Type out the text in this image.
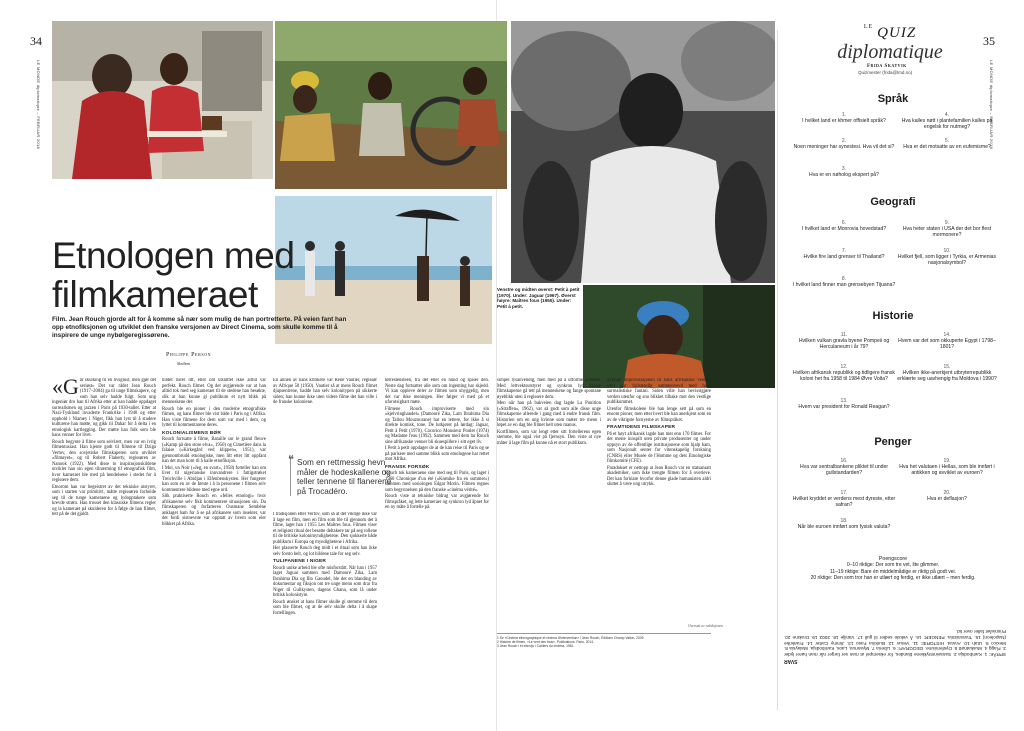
34	35
LE MONDE diplomatique – FEBRUAR 2018	LE MONDE diplomatique – FEBRUAR 2018
Etnologen med
filmkameraet
Film. Jean Rouch gjorde alt for å komme så nær som mulig de han portretterte. På veien fant han opp etnofiksjonen og utviklet den franske versjonen av Direct Cinema, som skulle komme til å inspirere de unge nybølgeregissørene.
Philippe Person
Skribent

«Går skulking til en livsgnist, men gjør det seriøst» Det var rådet Jean Rouch (1917–2004) ga til unge filmskapere, og som han selv hadde fulgt. Som ung ingeniør dro han til Afrika etter at han hadde oppdaget surrealismen og jazzen i Paris på 1930-tallet. Etter at Nazi-Tyskland invaderte Frankrike i 1940 og etter opphold i Niamey i Niger, fikk han lyst til å studere kulturene han møtte, og gikk til Dakar for å delta i en etnologisk kartlegging. Der møtte han folk som ble hans venner for livet.

Rouch begynte å filme som selvlært, men var en ivrig filmentusiast. Han kjente godt til filmene til Dziga Vertov, den sovjetiske filmskaperen som utviklet «filmøyet», og til Robert Flaherty, regissøren av Nanook (1922). Med disse to inspirasjonskildene utviklet han sin egen tilnærming til etnografisk film, hvor kameraet ble med på hendelsene i stedet for å regissere dem.

Etnorom han var begeistret av det tekniske utstyret, som i starten var primitivt, måtte regissøren forholde seg til de tunge kameraene og lydopptakere som krevde strøm. Han trosset den klassiske filmens regler og la kameraet på skulderen for å følge de han filmet, tett på de det gjaldt.

bildet rister litt, eller om utsnittet ikke alltid var perfekt. Rouch filmet. Og det avgjørende var at han alltid tok med seg kameraet til de stedene han besøkte, slik at han kunne gi publikum et nytt blikk på menneskene der.

Rouch ble en pioner i den moderne etnografiske filmen, og hans filmer ble vist både i Paris og i Afrika. Han viste filmene for dem som var med i dem, og lyttet til kommentarene deres.

KOLONIALISMENS BØR

Rouch fortsatte å filme, Bataille sur le grand fleuve («Kamp på den store elva», 1950) og Cimetière dans la falaise («Kirkegård ved klippen», 1951), var gjennombrudd etnologiske, men litt etter litt oppfant han det man kom til å kalle etnofiksjon.

I Moi, un Noir («Jeg, en svart», 1958) forteller han om livet til nigerianske innvandrere i fattigstrøket Treichville i Abidjan i Elfenbenskysten. Her fungerer han som en av de første i å la personene i filmen selv kommentere bildene med egne ord.

Slik praktiserte Rouch en «felles etnologi» hvor afrikanerne selv fikk kommentere situasjonen sin. Da filmskaperen og forfatteren Ousmane Sembène anklaget ham for å se på afrikanere som insekter, var det fordi sistnevnte var opptatt av hvem som eier blikket på Afrika.

❝ Som en rettmessig hevn måler de hodeskallene og teller tennene til flanerene på Trocadéro.

En annen av hans kritikere var René Vautier, regissør av Afrique 50 (1950). Vautier så at mens Rouch filmet djupsentrene, hadde han selv kolonitypen på sikkerte siden; han kunne ikke uten videre filme det han ville i de franske koloniene.

I tradisjonen etter Vertov, som så at det viktige ikke var å lage en film, men en film som ble til gjennom det å filme, laget han i 1955 Les Maîtres fous. Filmen viser et religiøst ritual der besatte deltakere tar på seg rollene til de britiske kolonimyndighetene. Den sjokkerte både publikum i Europa og myndighetene i Afrika.

Her plasserte Rouch deg midt i et ritual som han ikke selv forsto helt, og lot bildene tale for seg selv.

TULIPANENE I NIGER

Rouch unike arbeid ble ofte misforstått. Når han i 1957 laget Jaguar sammen med Damouré Zika, Lam Ibrahima Dia og Illo Gaoudel, ble det en blanding av dokumentar og fiksjon om tre unge menn som drar fra Niger til Gullkysten, dagens Ghana, som lå under britisk kolonistyre.

Rouch ønsket at hans filmer skulle gi stemme til dem som ble filmet, og at de selv skulle delta i å skape fortellingen.

tørrestensteen, fra det eller en hund og spiser den. Neste dag fortsatter alle som om ingenting har skjedd. Vi kan oppleve deler av filmen som uhyggelig, men det var ikke meningen. Her følger vi med på et uforutsigbart møte.

Filmene Rouch improviserte med sin «kjelvringhandel» (Damouré Zika, Lam Ibrahima Dia og Tallou Mouzourane) har en lettere, for ikke å si direkte komisk, tone. De lutkjører på lørdag: Jaguar, Petit à Petit (1970), Cocorico Monsieur Poulet (1974) og Madame l'eau (1992). Sammen med dem lar Rouch sine afrikanske venner bli skuespillere i sitt eget liv.

I Petit à petit oppdager de at de kan reise til Paris og se på parisere med samme blikk som etnologene har rettet mot Afrika.

FRANSK FORSØK

Rouch tok kameraene sine med seg til Paris, og laget i 1960 Chronique d'un été («Krønike fra en sommer») sammen med sosiologen Edgar Morin. Filmen regnes som begynnelsen på den franske «cinéma vérité».

Rouch viste at tekniske bidrag var avgjørende for filmspråket, og lette kameraer og synkron lyd åpnet for en ny måte å fortelle på.

Venstre og midten øverst: Petit à petit (1970). Under: Jaguar (1967). Øverst høyre: Maîtres fous (1955). Under: Petit à petit.

simpel lysanvendig, men med på å utforme scenene. Med lettvektsutstyret og synkron lyd kunne filmskaperne gå tett på menneskene og fange spontane øyeblikk uten å regissere dem.

Men når han på bakveien dag lagde La Punition («Straffen», 1962), var så godt som alle disse unge filmskaperne allerede i gang med å endre fransk film. Historien om en ung kvinne som møter tre menn i løpet av en dag ble filmet helt uten manus.

Kortfilmen, som var lengt etter sitt fortellerens egen stemme, ble også vist på fjernsyn. Den viste at nye måter å lage film på kunne nå et stort publikum.

dyktige improvisasjonen til hans afrikanske venner, som var fullstendig sammenvevd med hans surrealistiske fantasi. Siden ville han bevisstgjøre verden utenfor og snu blikket tilbake mot den vestlige publikummet.

Utenfor filmskolene ble han lenge sett på som en ensom pioner, men etter hvert ble han anerkjent som en av de viktigste fornyerne av filmspråket.

FRAMTIDENS FILMSKAPER

På et høyt afrikansk lagde han mer enn 170 filmer. For det meste innspilt uten private produsenter og under oppsyn av de offentlige institusjonene som hjalp ham, som Nasjonalt senter for vitenskapelig forskning (CNRS) eller Musée de l'Homme og dets Etnologiske filmkomité (CFE).

Paradokset er nettopp at Jean Rouch var en statsansatt akademiker, som ikke trengte filmen for å overleve. Det kan forklare hvorfor denne glade humanisten aldri sluttet å være ung utrykk.

Oversatt av redaksjonen
1 Se «Cinéma ethnographique et cinéma d'intervention» i Jean Rouch, Éditions Champ Vallon, 2009.
2 Histoire de filmen, «Le vent des fous», Publications, Paris, 2014.
3 Jean Rouch i et intervju i Cahiers du cinéma, 1981.
$^{LE}$ QUIZ
diplomatique
Frida Skatvik
Quizmester (frida@lmd.no)
Språk
1.
I hvilket land er khmer offisielt språk?
4.
Hva kalles nøtt i plantefamilien kalles på engelsk for nutmeg?
2.
Noen meninger har synestesi. Hva vil det si?
5.
Hva er det motsatte av en eufemisme?
3.
Hva er en nøholog ekspert på?
Geografi
6.
I hvilket land er Monrovia hovedstad?
9.
Hva heter staten i USA der det bor flest mormonere?
7.
Hvilke fire land grenser til Thailand?
10.
Hvilket fjell, som ligger i Tyrkia, er Armenias nasjonalsymbol?
8.
I hvilket land finner man grensebyen Tijuana?
Historie
11.
Hvilken vulkan gravla byene Pompeii og Herculaneum i år 79?
14.
Hvem var det som okkuperte Egypt i 1798–1801?
12.
Hvilken afrikansk republikk og tidligere fransk koloni het fra 1958 til 1984 Øvre Volta?
15.
Hvilken ikke-anerkjent utbryterrepublikk erklærte seg uavhengig fra Moldova i 1990?
13.
Hvem var president for Ronald Reagan?
Penger
16.
Hva var sentralbankene pliktet til under gullstandarden?
19.
Hva het valutaen i Hellas, som ble innført i antikken og avviklet av euroen?
17.
Hvilket kryddet er verdens mest dyreste, etter safran?
20.
Hva er deflasjon?
18.
Når ble euroen innført som fysisk valuta?
Poengscore
0–10 riktige: Der som tre vet, lite glimmer.
11–19 riktige: Bare én middelmådige er riktig på godt vei.
20 riktige: Den som tror han er utlært og ferdig, er ikke utlært – men ferdig.
SVAR
SPRÅK: 1. Kambodsja 2. Sanseinntrykkene blandes, for eksempel at man ser farger når man hører lyder 3. Flagg 4. Muskatnøtt 5. Dysfemisme. GEOGRAFI: 6. Liberia 7. Myanmar, Laos, Kambodsja, Malaysia 8. Mexico 9. Utah 10. Ararat. HISTORIE: 11. Vesuv 12. Burkina Faso 13. Jimmy Carter 14. Frankrike (Napoleon) 15. Transnistria. PENGER: 16. Å veksle sedler til gull 17. Vanilje 18. 2002 19. Drakme 20. Prisnivået faller over tid.
